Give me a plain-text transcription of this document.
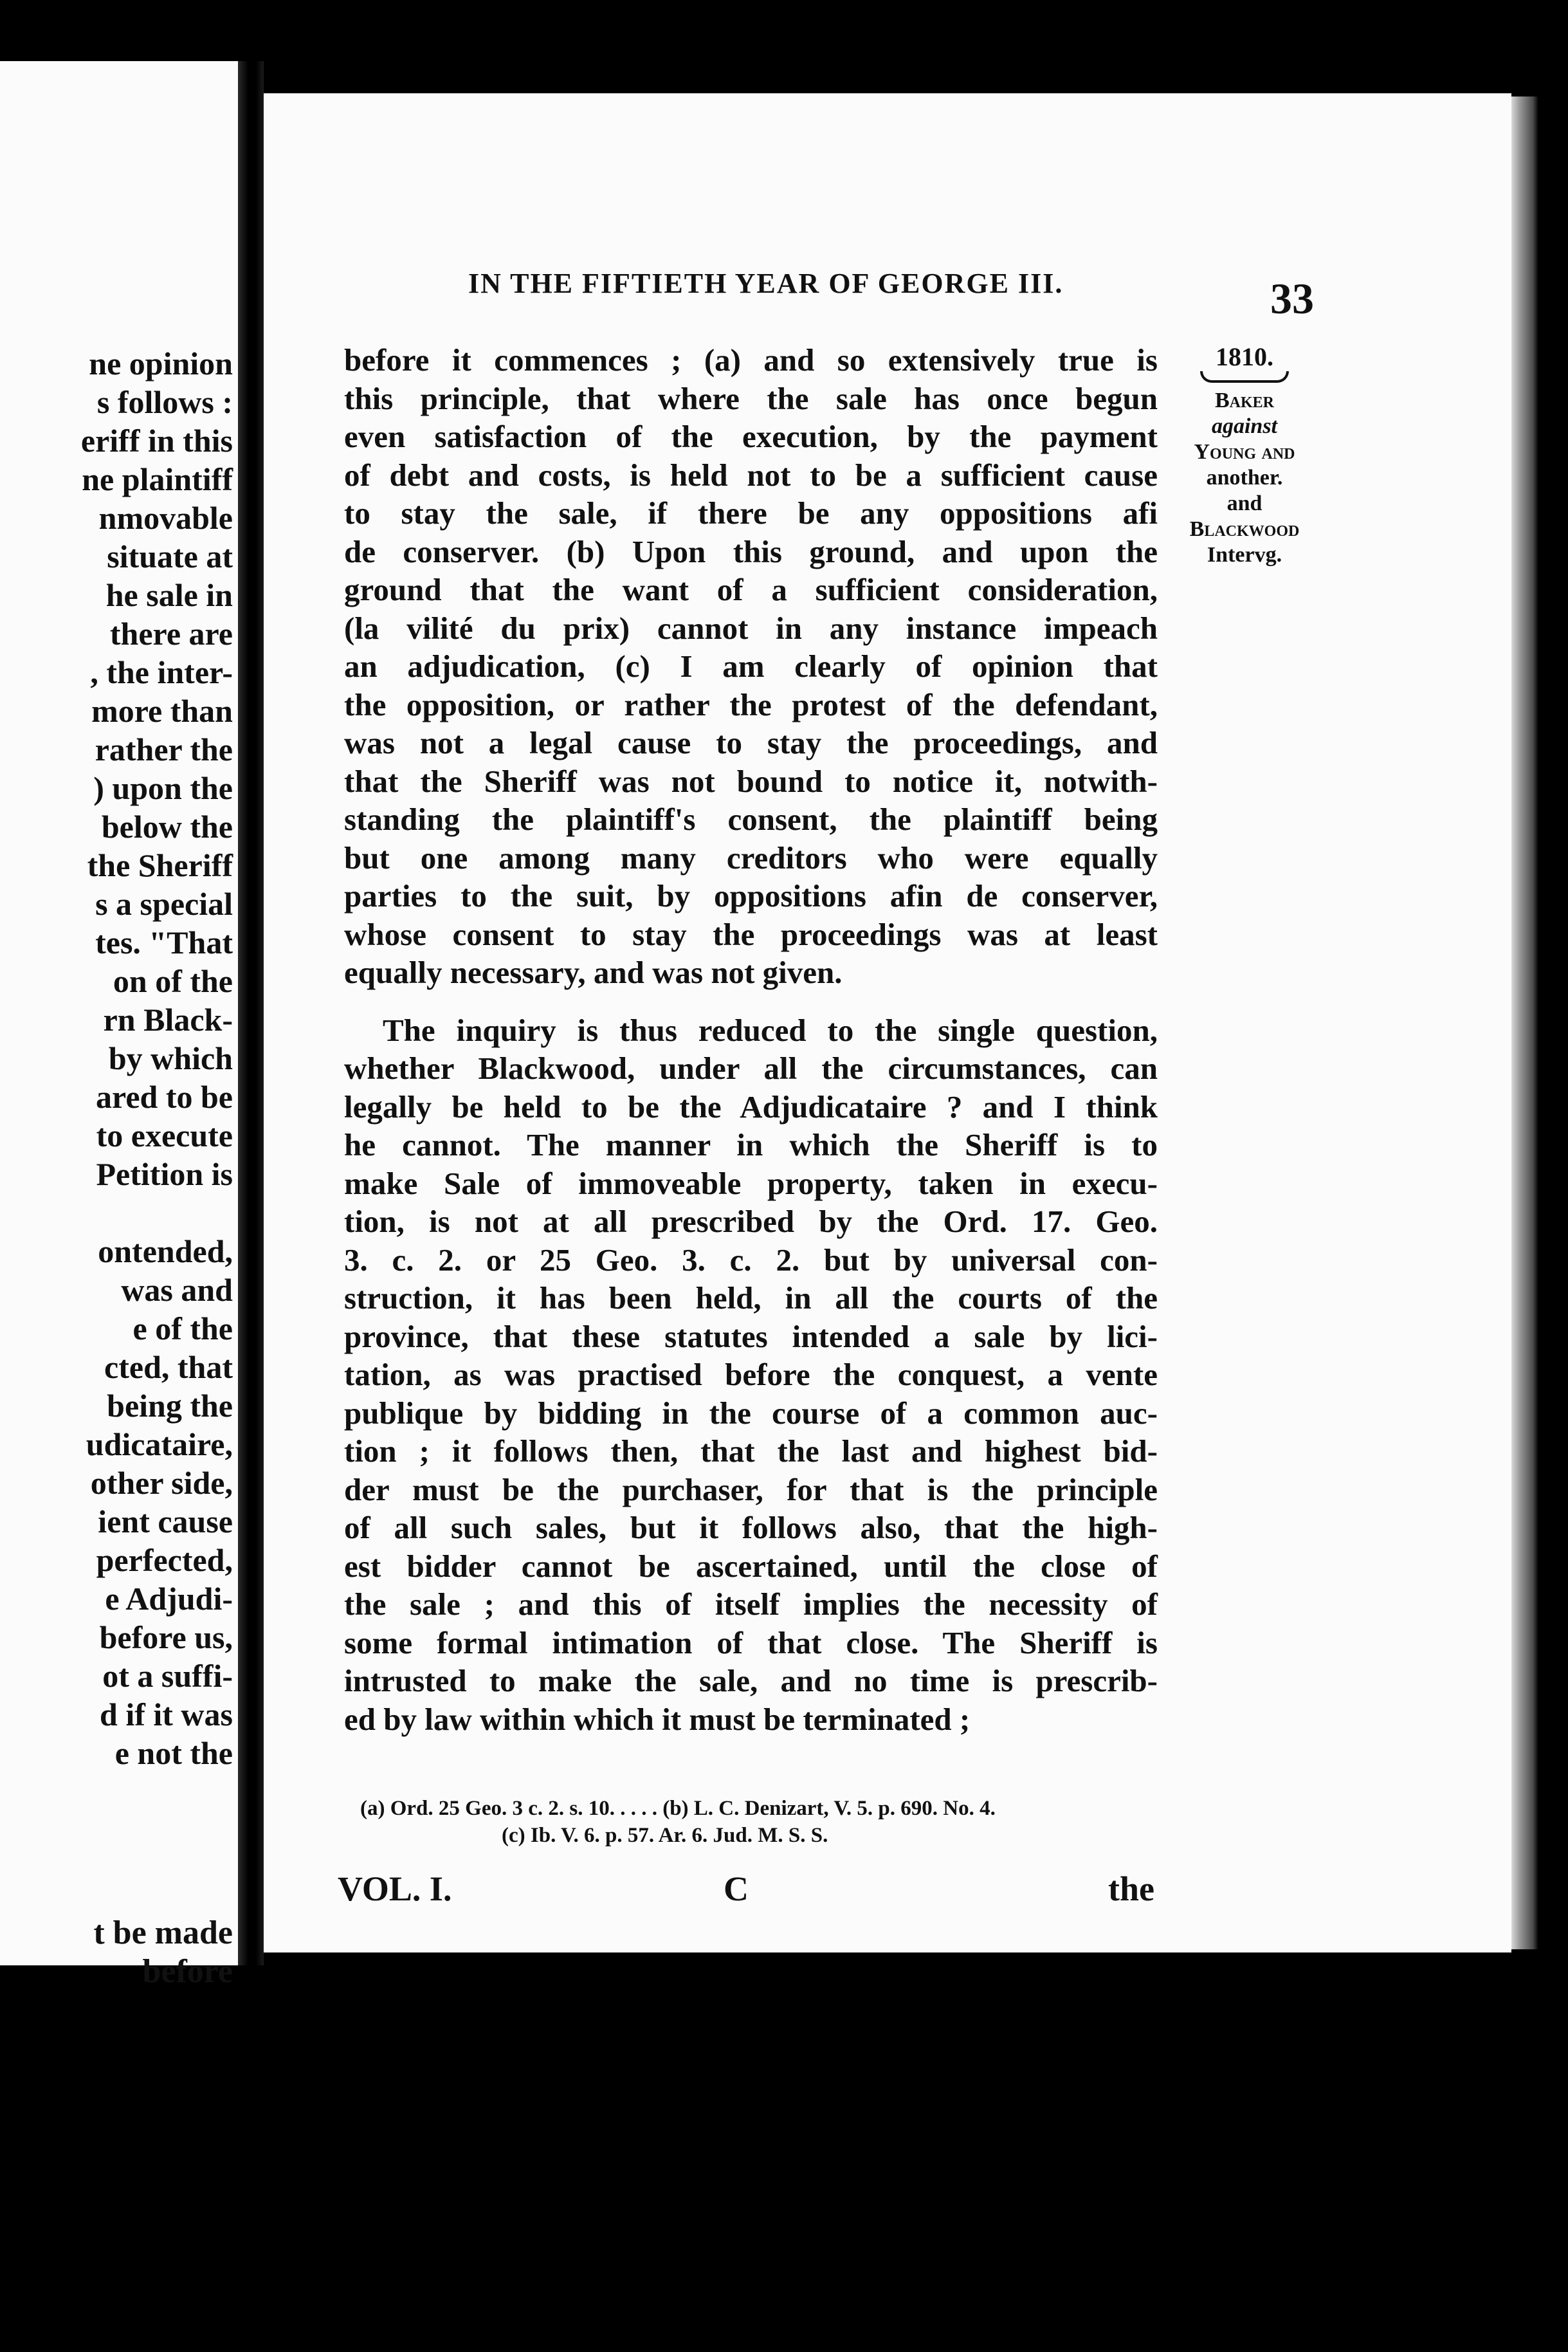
ne opinion
s follows :
eriff in this
ne plaintiff
nmovable
situate at
he sale in
there are
, the inter-
more than
rather the
) upon the
below the
the Sheriff
s a special
tes. "That
on of the
rn Black-
by which
ared to be
to execute
Petition is
ontended,
was and
e of the
cted, that
being the
udicataire,
other side,
ient cause
perfected,
e Adjudi-
before us,
ot a suffi-
d if it was
e not the
t be made
before
IN THE FIFTIETH YEAR OF GEORGE III.	33
1810.
Baker
against
Young and
another.
and
Blackwood
Intervg.
before it commences ; (a) and so extensively true is
this principle, that where the sale has once begun
even satisfaction of the execution, by the payment
of debt and costs, is held not to be a sufficient cause
to stay the sale, if there be any oppositions afi
de conserver. (b) Upon this ground, and upon the
ground that the want of a sufficient consideration,
(la vilité du prix) cannot in any instance impeach
an adjudication, (c) I am clearly of opinion that
the opposition, or rather the protest of the defendant,
was not a legal cause to stay the proceedings, and
that the Sheriff was not bound to notice it, notwith-
standing the plaintiff's consent, the plaintiff being
but one among many creditors who were equally
parties to the suit, by oppositions afin de conserver,
whose consent to stay the proceedings was at least
equally necessary, and was not given.
The inquiry is thus reduced to the single question,
whether Blackwood, under all the circumstances, can
legally be held to be the Adjudicataire ? and I think
he cannot. The manner in which the Sheriff is to
make Sale of immoveable property, taken in execu-
tion, is not at all prescribed by the Ord. 17. Geo.
3. c. 2. or 25 Geo. 3. c. 2. but by universal con-
struction, it has been held, in all the courts of the
province, that these statutes intended a sale by lici-
tation, as was practised before the conquest, a vente
publique by bidding in the course of a common auc-
tion ; it follows then, that the last and highest bid-
der must be the purchaser, for that is the principle
of all such sales, but it follows also, that the high-
est bidder cannot be ascertained, until the close of
the sale ; and this of itself implies the necessity of
some formal intimation of that close. The Sheriff is
intrusted to make the sale, and no time is prescrib-
ed by law within which it must be terminated ;
(a) Ord. 25 Geo. 3 c. 2. s. 10. . . . . (b) L. C. Denizart, V. 5. p. 690. No. 4.
(c) Ib. V. 6. p. 57. Ar. 6. Jud. M. S. S.
VOL. I.	C	the
